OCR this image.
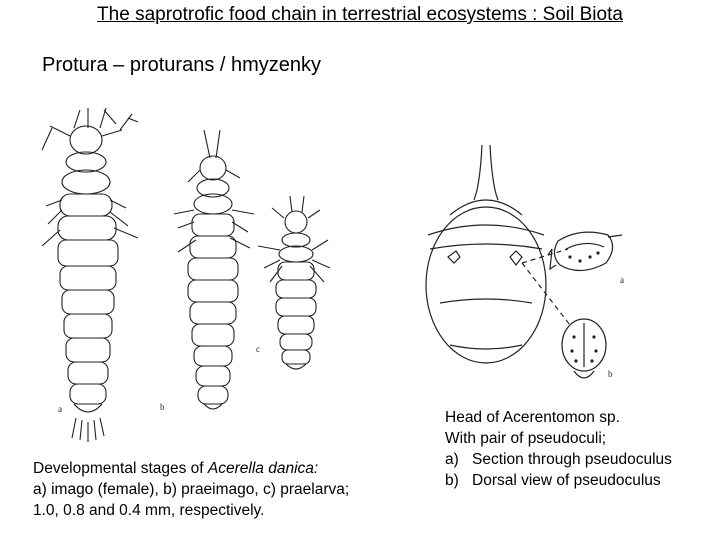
The saprotrofic food chain in terrestrial ecosystems : Soil Biota
Protura – proturans / hmyzenky
a	b
c
a
b
Developmental stages of Acerella danica:
a) imago (female), b) praeimago, c) praelarva;
1.0, 0.8 and 0.4 mm, respectively.
Head of Acerentomon sp.
With pair of pseudoculi;
a) Section through pseudoculus
b) Dorsal view of pseudoculus
